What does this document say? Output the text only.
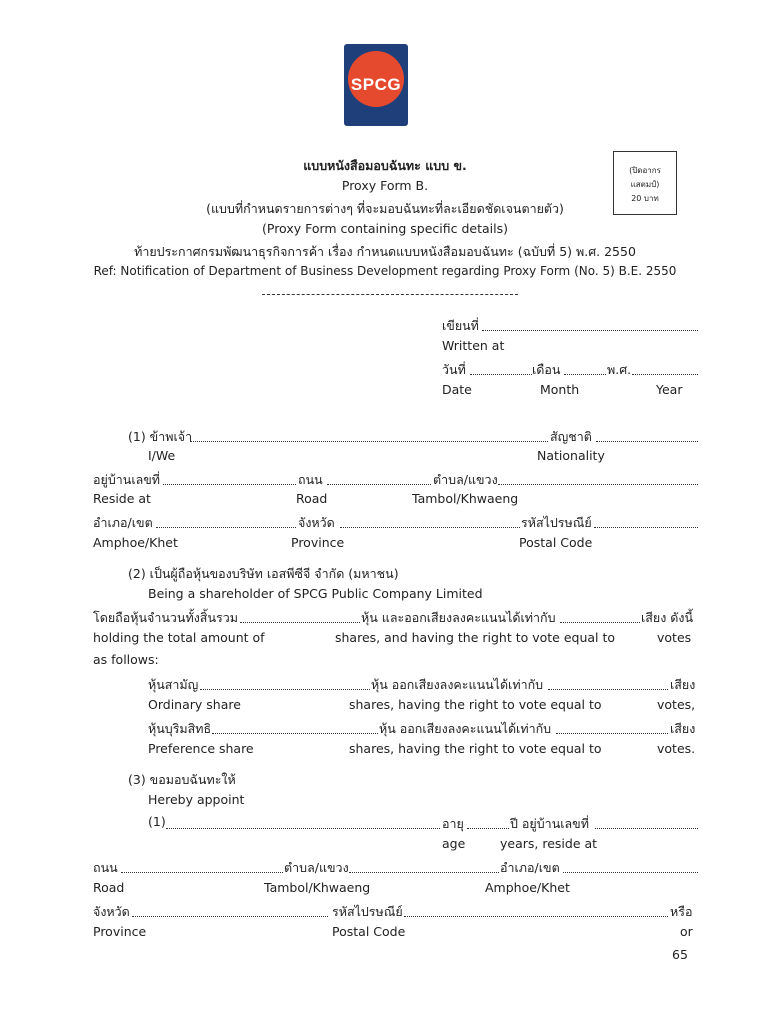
SPCG
(ปิดอากร
แสตมป์)
20 บาท
แบบหนังสือมอบฉันทะ แบบ ข.
Proxy Form B.
(แบบที่กำหนดรายการต่างๆ ที่จะมอบฉันทะที่ละเอียดชัดเจนตายตัว)
(Proxy Form containing specific details)
ท้ายประกาศกรมพัฒนาธุรกิจการค้า เรื่อง กำหนดแบบหนังสือมอบฉันทะ (ฉบับที่ 5) พ.ศ. 2550
Ref: Notification of Department of Business Development regarding Proxy Form (No. 5) B.E. 2550
เขียนที่
Written at
วันที่	เดือน	พ.ศ.
Date	Month	Year
(1) ข้าพเจ้า	สัญชาติ
I/We	Nationality
อยู่บ้านเลขที่	ถนน	ตำบล/แขวง
Reside at	Road	Tambol/Khwaeng
อำเภอ/เขต	จังหวัด	รหัสไปรษณีย์
Amphoe/Khet	Province	Postal Code
(2) เป็นผู้ถือหุ้นของบริษัท เอสพีซีจี จำกัด (มหาชน)
Being a shareholder of SPCG Public Company Limited
โดยถือหุ้นจำนวนทั้งสิ้นรวม	หุ้น และออกเสียงลงคะแนนได้เท่ากับ	เสียง ดังนี้
holding the total amount of	shares, and having the right to vote equal to	votes
as follows:
หุ้นสามัญ	หุ้น ออกเสียงลงคะแนนได้เท่ากับ	เสียง
Ordinary share	shares, having the right to vote equal to	votes,
หุ้นบุริมสิทธิ	หุ้น ออกเสียงลงคะแนนได้เท่ากับ	เสียง
Preference share	shares, having the right to vote equal to	votes.
(3) ขอมอบฉันทะให้
Hereby appoint
(1)	อายุ	ปี อยู่บ้านเลขที่
age	years, reside at
ถนน	ตำบล/แขวง	อำเภอ/เขต
Road	Tambol/Khwaeng	Amphoe/Khet
จังหวัด	รหัสไปรษณีย์	หรือ
Province	Postal Code	or
65
